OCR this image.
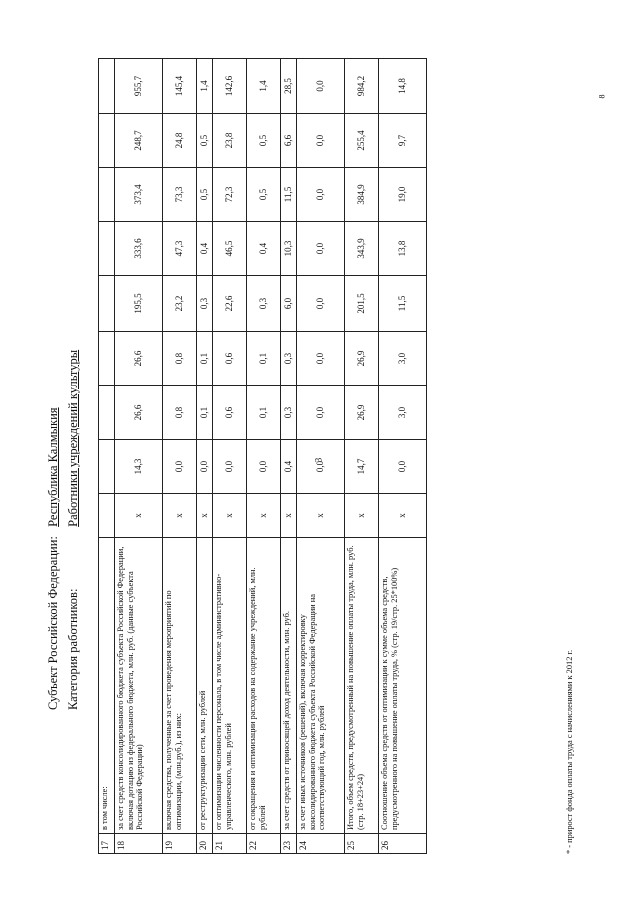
3
8
Субъект Российской Федерации: Республика Калмыкия
Категория работников: Работники учреждений культуры
17	в том числе:									
18	за счет средств консолидированного бюджета субъекта Российской Федерации, включая дотацию из федерального бюджета, млн. руб. (данные субъекта Российской Федерации)	x	14,3	26,6	26,6	195,5	333,6	373,4	248,7	955,7
19	включая средства, полученные за счет проведения мероприятий по оптимизации, (млн.руб.), из них:	x	0,0	0,8	0,8	23,2	47,3	73,3	24,8	145,4
20	от реструктуризации сети, млн. рублей	x	0,0	0,1	0,1	0,3	0,4	0,5	0,5	1,4
21	от оптимизации численности персонала, в том числе административно-управленческого, млн. рублей	x	0,0	0,6	0,6	22,6	46,5	72,3	23,8	142,6
22	от сокращения и оптимизации расходов на содержание учреждений, млн. рублей	x	0,0	0,1	0,1	0,3	0,4	0,5	0,5	1,4
23	за счет средств от приносящей доход деятельности, млн. руб.	x	0,4	0,3	0,3	6,0	10,3	11,5	6,6	28,5
24	за счет иных источников (решений), включая корректировку консолидированного бюджета субъекта Российской Федерации на соответствующий год, млн. рублей	x	0,0	0,0	0,0	0,0	0,0	0,0	0,0	0,0
25	Итого, объем средств, предусмотренный на повышение оплаты труда, млн. руб. (стр. 18+23+24)	x	14,7	26,9	26,9	201,5	343,9	384,9	255,4	984,2
26	Соотношение объема средств от оптимизации к сумме объема средств, предусмотренного на повышение оплаты труда, % (стр. 19/стр. 25*100%)	x	0,0	3,0	3,0	11,5	13,8	19,0	9,7	14,8
* - прирост фонда оплаты труда с начислениями к 2012 г.
